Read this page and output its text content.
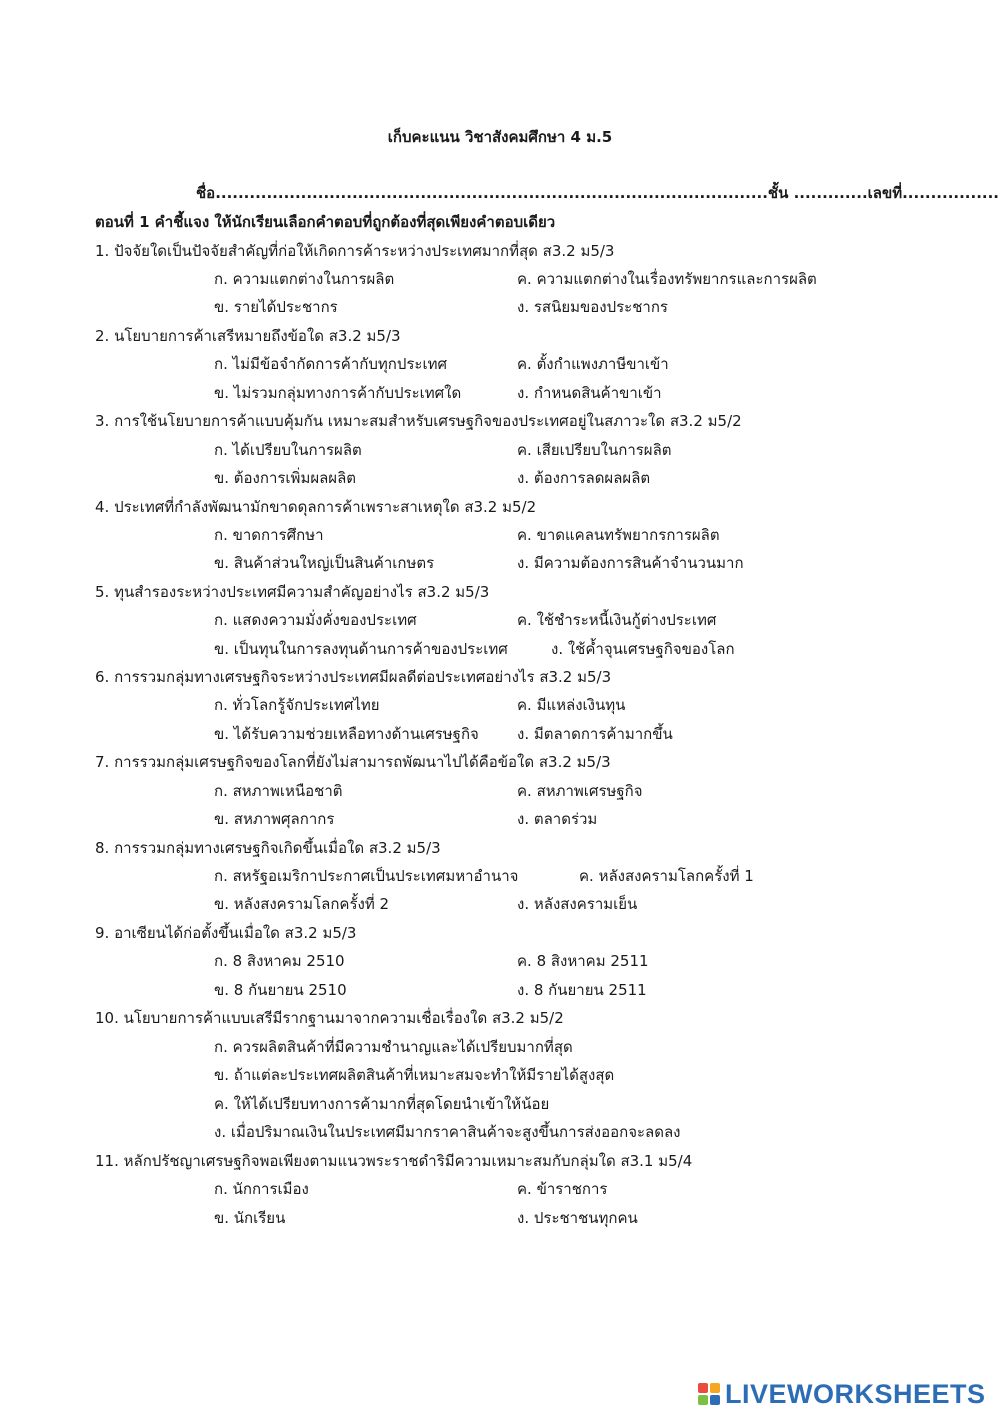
เก็บคะแนน วิชาสังคมศึกษา 4 ม.5
ชื่อ.................................................................................................ชั้น .............เลขที่.................
ตอนที่ 1 คำชี้แจง ให้นักเรียนเลือกคำตอบที่ถูกต้องที่สุดเพียงคำตอบเดียว
1. ปัจจัยใดเป็นปัจจัยสำคัญที่ก่อให้เกิดการค้าระหว่างประเทศมากที่สุด ส3.2 ม5/3
ก. ความแตกต่างในการผลิต	ค. ความแตกต่างในเรื่องทรัพยากรและการผลิต
ข. รายได้ประชากร	ง. รสนิยมของประชากร
2. นโยบายการค้าเสรีหมายถึงข้อใด ส3.2 ม5/3
ก. ไม่มีข้อจำกัดการค้ากับทุกประเทศ	ค. ตั้งกำแพงภาษีขาเข้า
ข. ไม่รวมกลุ่มทางการค้ากับประเทศใด	ง. กำหนดสินค้าขาเข้า
3. การใช้นโยบายการค้าแบบคุ้มกัน เหมาะสมสำหรับเศรษฐกิจของประเทศอยู่ในสภาวะใด ส3.2 ม5/2
ก. ได้เปรียบในการผลิต	ค. เสียเปรียบในการผลิต
ข. ต้องการเพิ่มผลผลิต	ง. ต้องการลดผลผลิต
4. ประเทศที่กำลังพัฒนามักขาดดุลการค้าเพราะสาเหตุใด ส3.2 ม5/2
ก. ขาดการศึกษา	ค. ขาดแคลนทรัพยากรการผลิต
ข. สินค้าส่วนใหญ่เป็นสินค้าเกษตร	ง. มีความต้องการสินค้าจำนวนมาก
5. ทุนสำรองระหว่างประเทศมีความสำคัญอย่างไร ส3.2 ม5/3
ก. แสดงความมั่งคั่งของประเทศ	ค. ใช้ชำระหนี้เงินกู้ต่างประเทศ
ข. เป็นทุนในการลงทุนด้านการค้าของประเทศ	ง. ใช้ค้ำจุนเศรษฐกิจของโลก
6. การรวมกลุ่มทางเศรษฐกิจระหว่างประเทศมีผลดีต่อประเทศอย่างไร ส3.2 ม5/3
ก. ทั่วโลกรู้จักประเทศไทย	ค. มีแหล่งเงินทุน
ข. ได้รับความช่วยเหลือทางด้านเศรษฐกิจ	ง. มีตลาดการค้ามากขึ้น
7. การรวมกลุ่มเศรษฐกิจของโลกที่ยังไม่สามารถพัฒนาไปได้คือข้อใด ส3.2 ม5/3
ก. สหภาพเหนือชาติ	ค. สหภาพเศรษฐกิจ
ข. สหภาพศุลกากร	ง. ตลาดร่วม
8. การรวมกลุ่มทางเศรษฐกิจเกิดขึ้นเมื่อใด ส3.2 ม5/3
ก. สหรัฐอเมริกาประกาศเป็นประเทศมหาอำนาจ	ค. หลังสงครามโลกครั้งที่ 1
ข. หลังสงครามโลกครั้งที่ 2	ง. หลังสงครามเย็น
9. อาเซียนได้ก่อตั้งขึ้นเมื่อใด ส3.2 ม5/3
ก. 8 สิงหาคม 2510	ค. 8 สิงหาคม 2511
ข. 8 กันยายน 2510	ง. 8 กันยายน 2511
10. นโยบายการค้าแบบเสรีมีรากฐานมาจากความเชื่อเรื่องใด ส3.2 ม5/2
ก. ควรผลิตสินค้าที่มีความชำนาญและได้เปรียบมากที่สุด
ข. ถ้าแต่ละประเทศผลิตสินค้าที่เหมาะสมจะทำให้มีรายได้สูงสุด
ค. ให้ได้เปรียบทางการค้ามากที่สุดโดยนำเข้าให้น้อย
ง. เมื่อปริมาณเงินในประเทศมีมากราคาสินค้าจะสูงขึ้นการส่งออกจะลดลง
11. หลักปรัชญาเศรษฐกิจพอเพียงตามแนวพระราชดำริมีความเหมาะสมกับกลุ่มใด ส3.1 ม5/4
ก. นักการเมือง	ค. ข้าราชการ
ข. นักเรียน	ง. ประชาชนทุกคน
LIVEWORKSHEETS
